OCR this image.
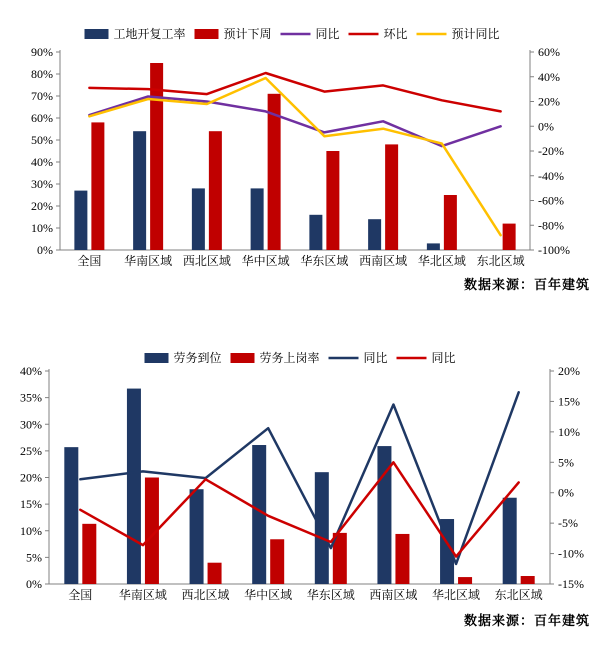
0%
10%
20%
30%
40%
50%
60%
70%
80%
90%
-100%
-80%
-60%
-40%
-20%
0%
20%
40%
60%
全国 华南区域 西北区域 华中区域 华东区域 西南区域 华北区域 东北区域
工地开复工率	预计下周	同比	环比	预计同比
数据来源：百年建筑
0%
5%
10%
15%
20%
25%
30%
35%
40%
-15%
-10%
-5%
0%
5%
10%
15%
20%
全国 华南区域 西北区域 华中区域 华东区域 西南区域 华北区域 东北区域
劳务到位	劳务上岗率	同比	同比
数据来源：百年建筑
